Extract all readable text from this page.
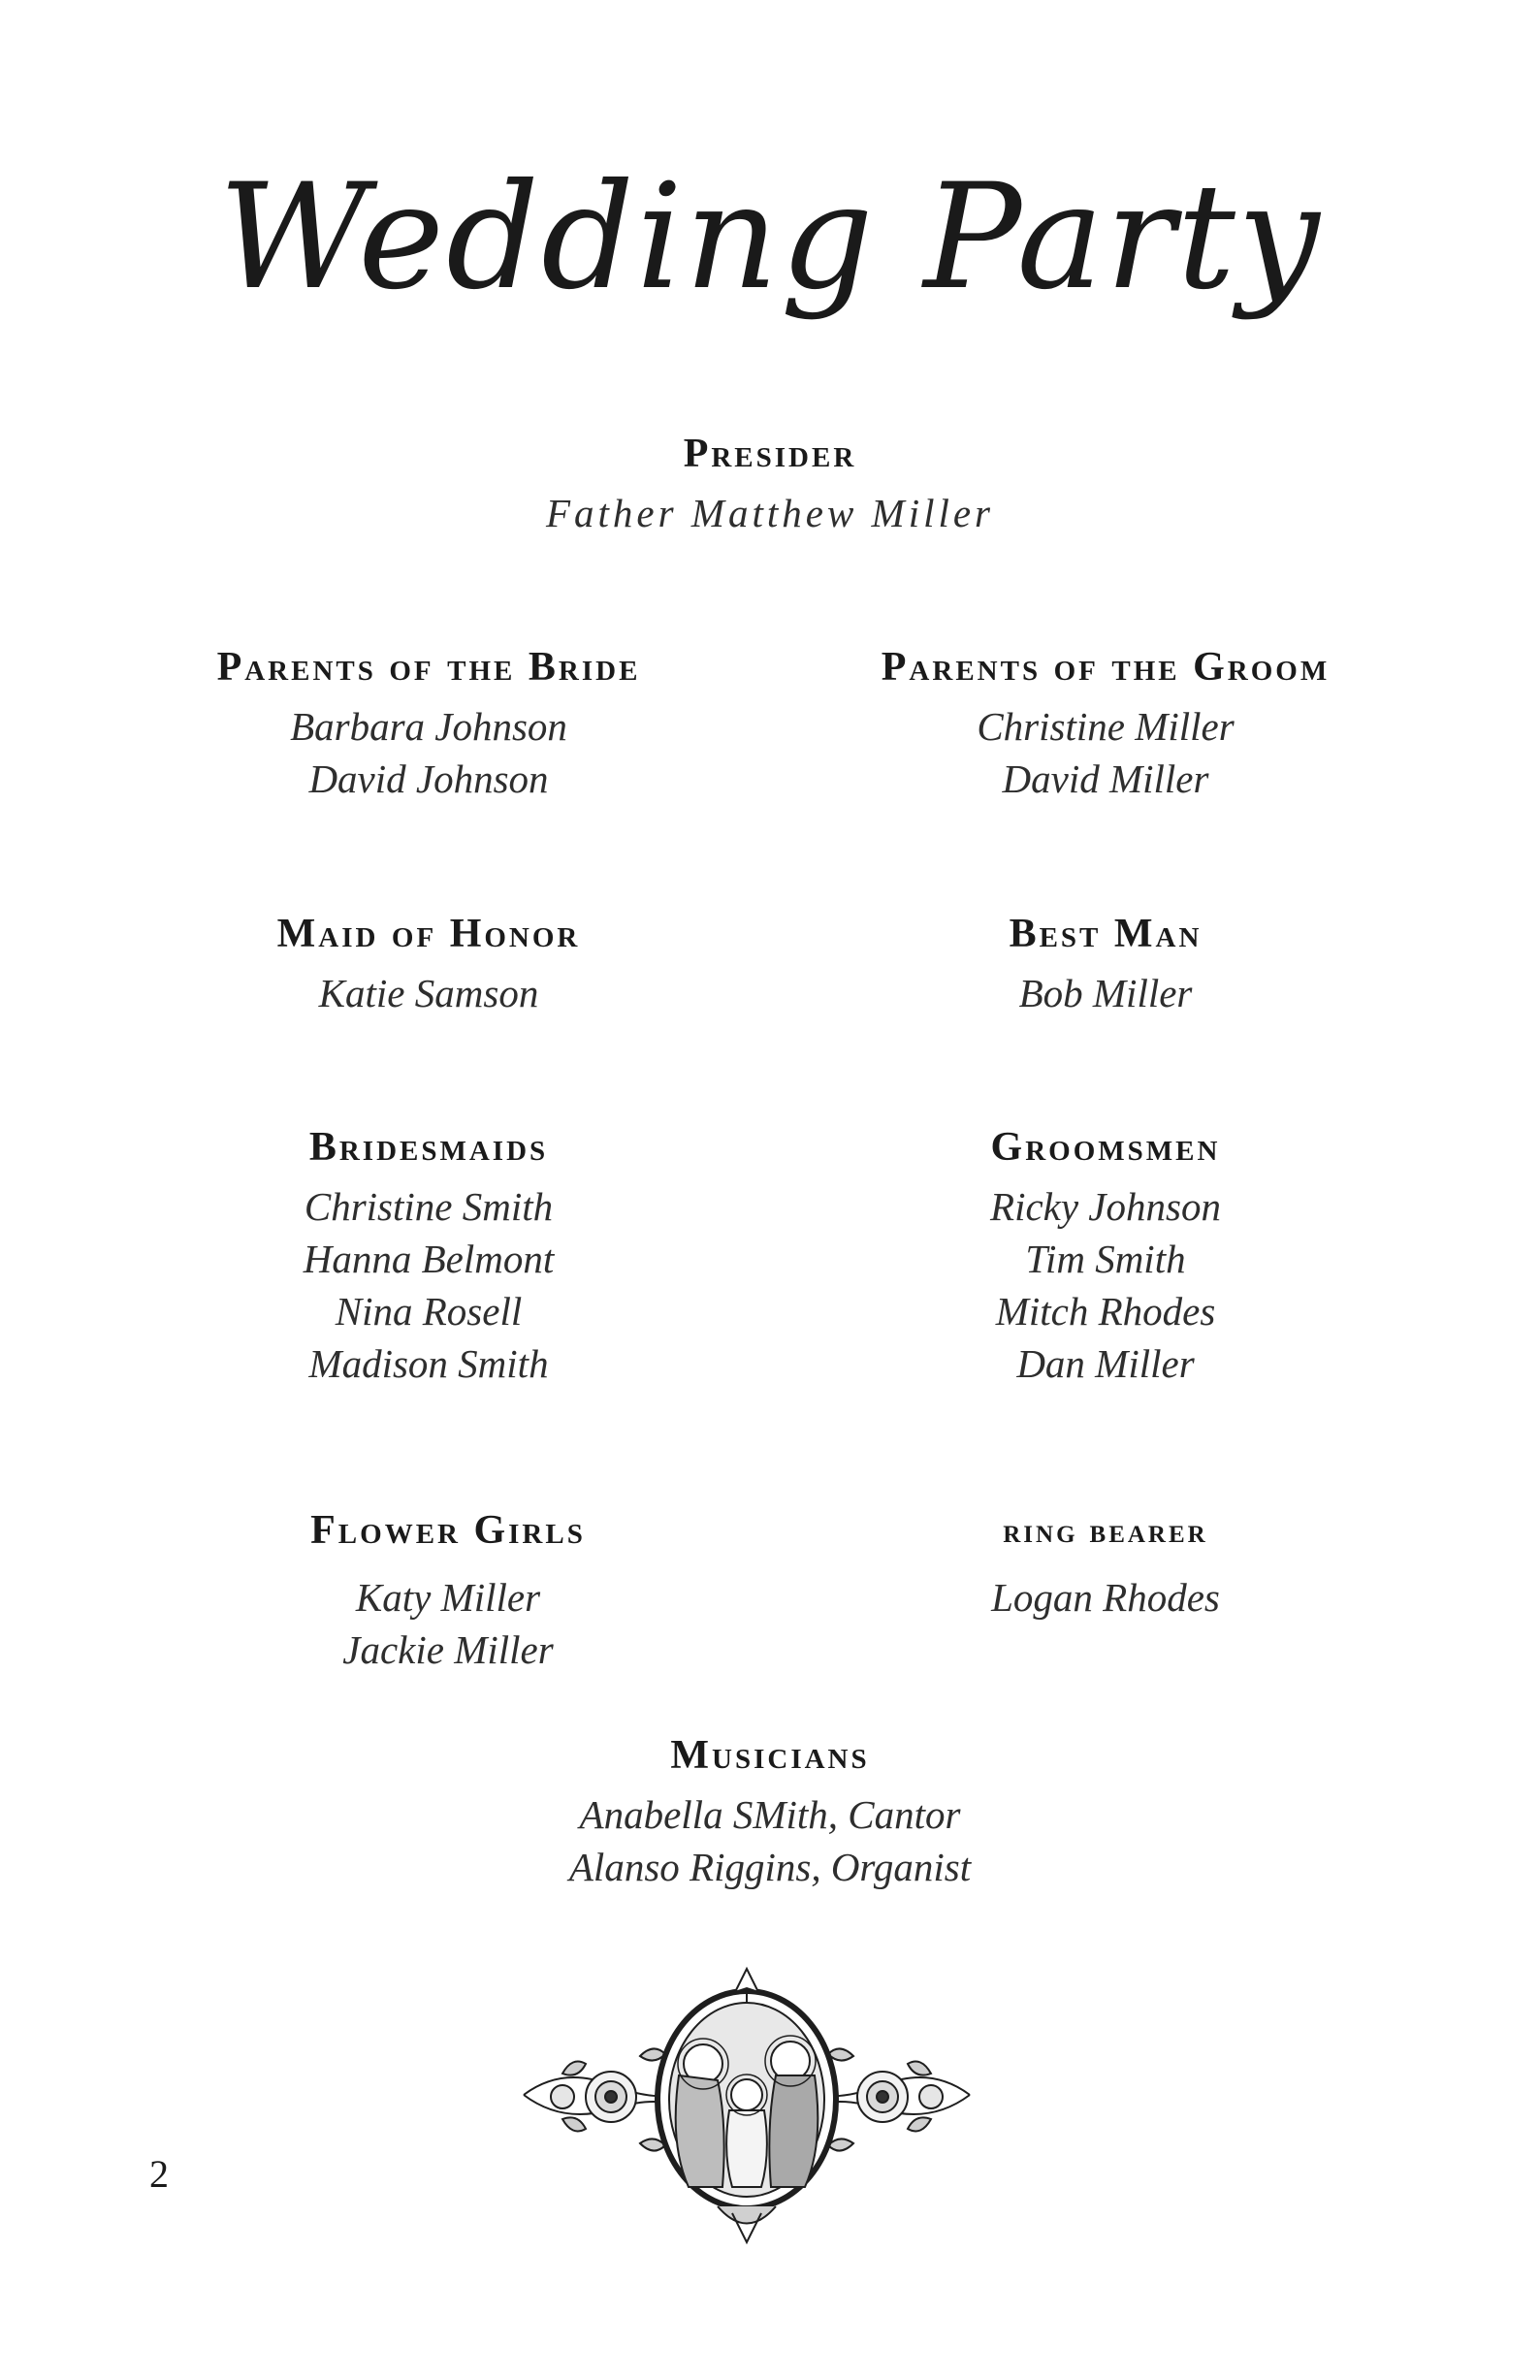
Wedding Party
Presider
Father Matthew Miller
Parents of the Bride
Barbara Johnson
David Johnson
Parents of the Groom
Christine Miller
David Miller
Maid of Honor
Katie Samson
Best Man
Bob Miller
Bridesmaids
Christine Smith
Hanna Belmont
Nina Rosell
Madison Smith
Groomsmen
Ricky Johnson
Tim Smith
Mitch Rhodes
Dan Miller
Flower Girls
Katy Miller
Jackie Miller
ring bearer
Logan Rhodes
Musicians
Anabella SMith, Cantor
Alanso Riggins, Organist
2
